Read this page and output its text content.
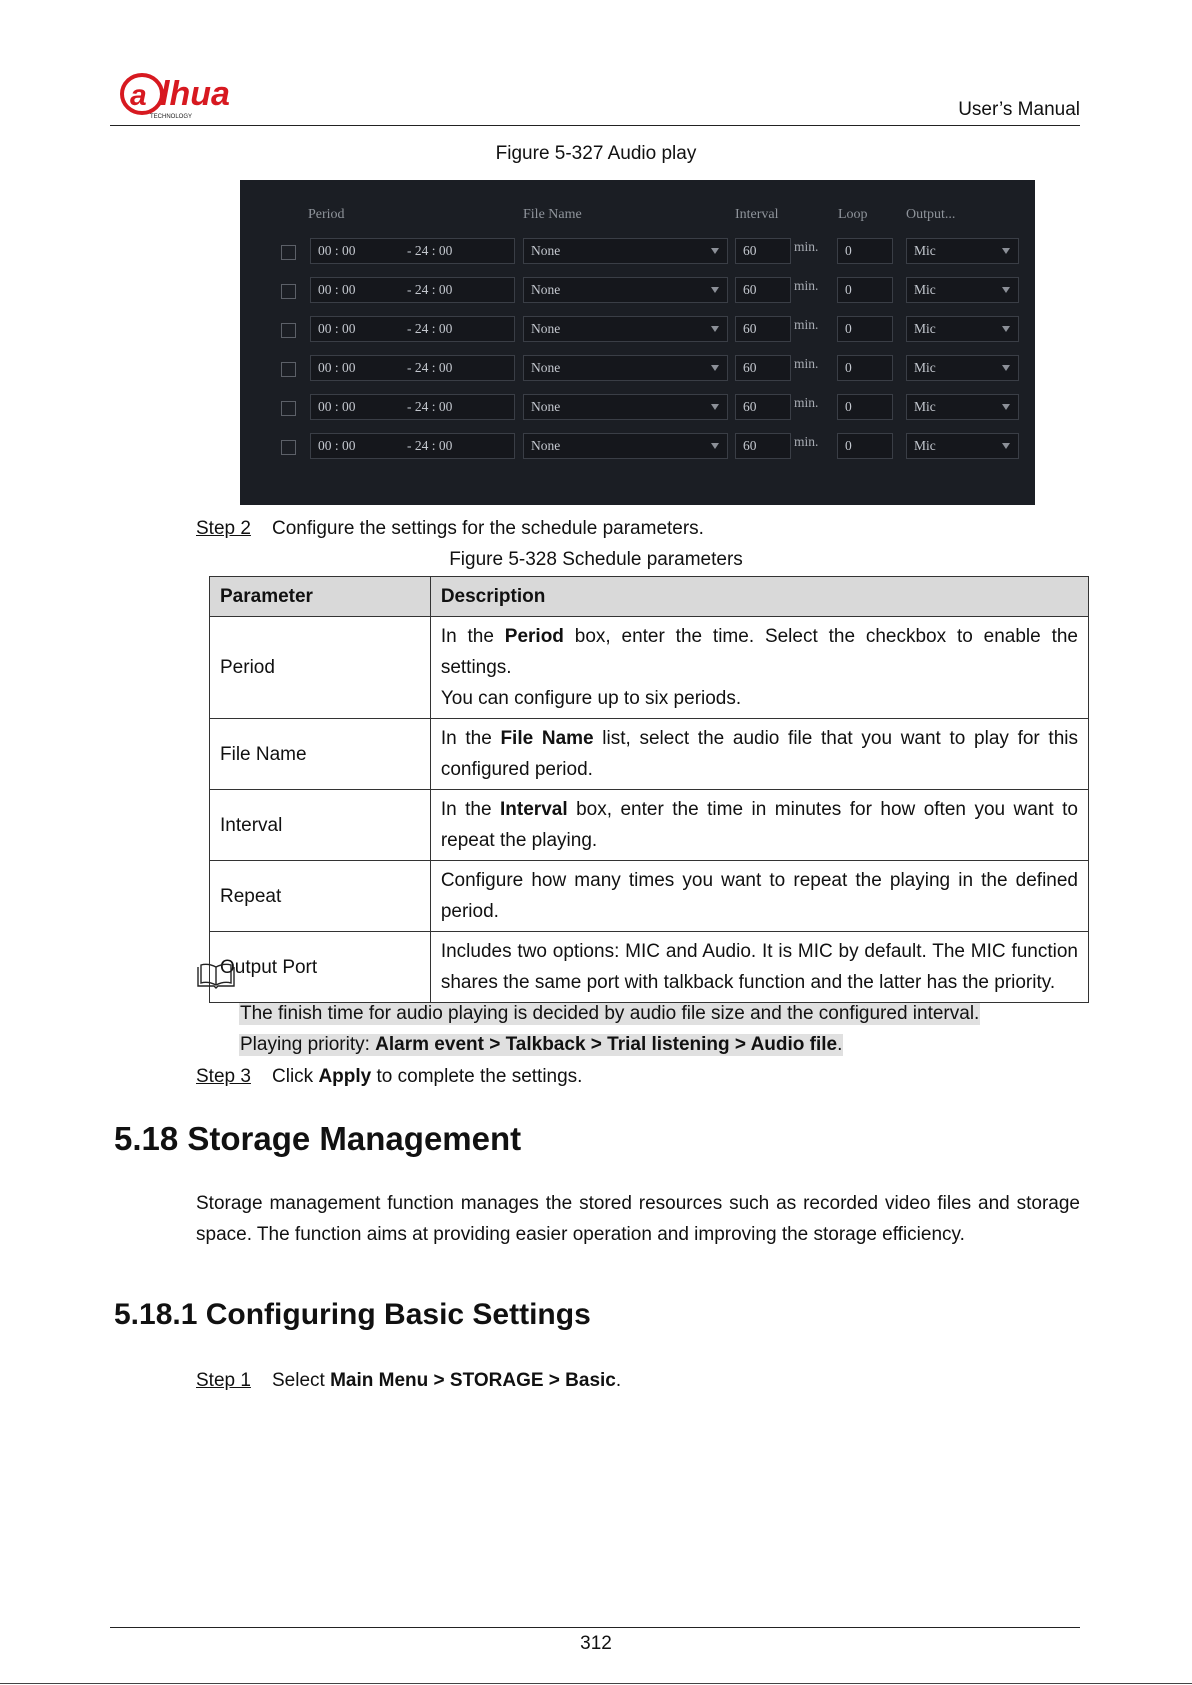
a lhua
TECHNOLOGY	User’s Manual
Figure 5-327 Audio play
Period	File Name	Interval	Loop	Output...
00 : 00	- 24 : 00	None	60	min.	0	Mic
00 : 00	- 24 : 00	None	60	min.	0	Mic
00 : 00	- 24 : 00	None	60	min.	0	Mic
00 : 00	- 24 : 00	None	60	min.	0	Mic
00 : 00	- 24 : 00	None	60	min.	0	Mic
00 : 00	- 24 : 00	None	60	min.	0	Mic
Step 2 Configure the settings for the schedule parameters.
Figure 5-328 Schedule parameters
Parameter	Description
Period	In the Period box, enter the time. Select the checkbox to enable the settings.
You can configure up to six periods.
File Name	In the File Name list, select the audio file that you want to play for this configured period.
Interval	In the Interval box, enter the time in minutes for how often you want to repeat the playing.
Repeat	Configure how many times you want to repeat the playing in the defined period.
Output Port	Includes two options: MIC and Audio. It is MIC by default. The MIC function shares the same port with talkback function and the latter has the priority.
The finish time for audio playing is decided by audio file size and the configured interval.
Playing priority: Alarm event > Talkback > Trial listening > Audio file.
Step 3 Click Apply to complete the settings.
5.18 Storage Management
Storage management function manages the stored resources such as recorded video files and storage space. The function aims at providing easier operation and improving the storage efficiency.
5.18.1 Configuring Basic Settings
Step 1 Select Main Menu > STORAGE > Basic.
312
